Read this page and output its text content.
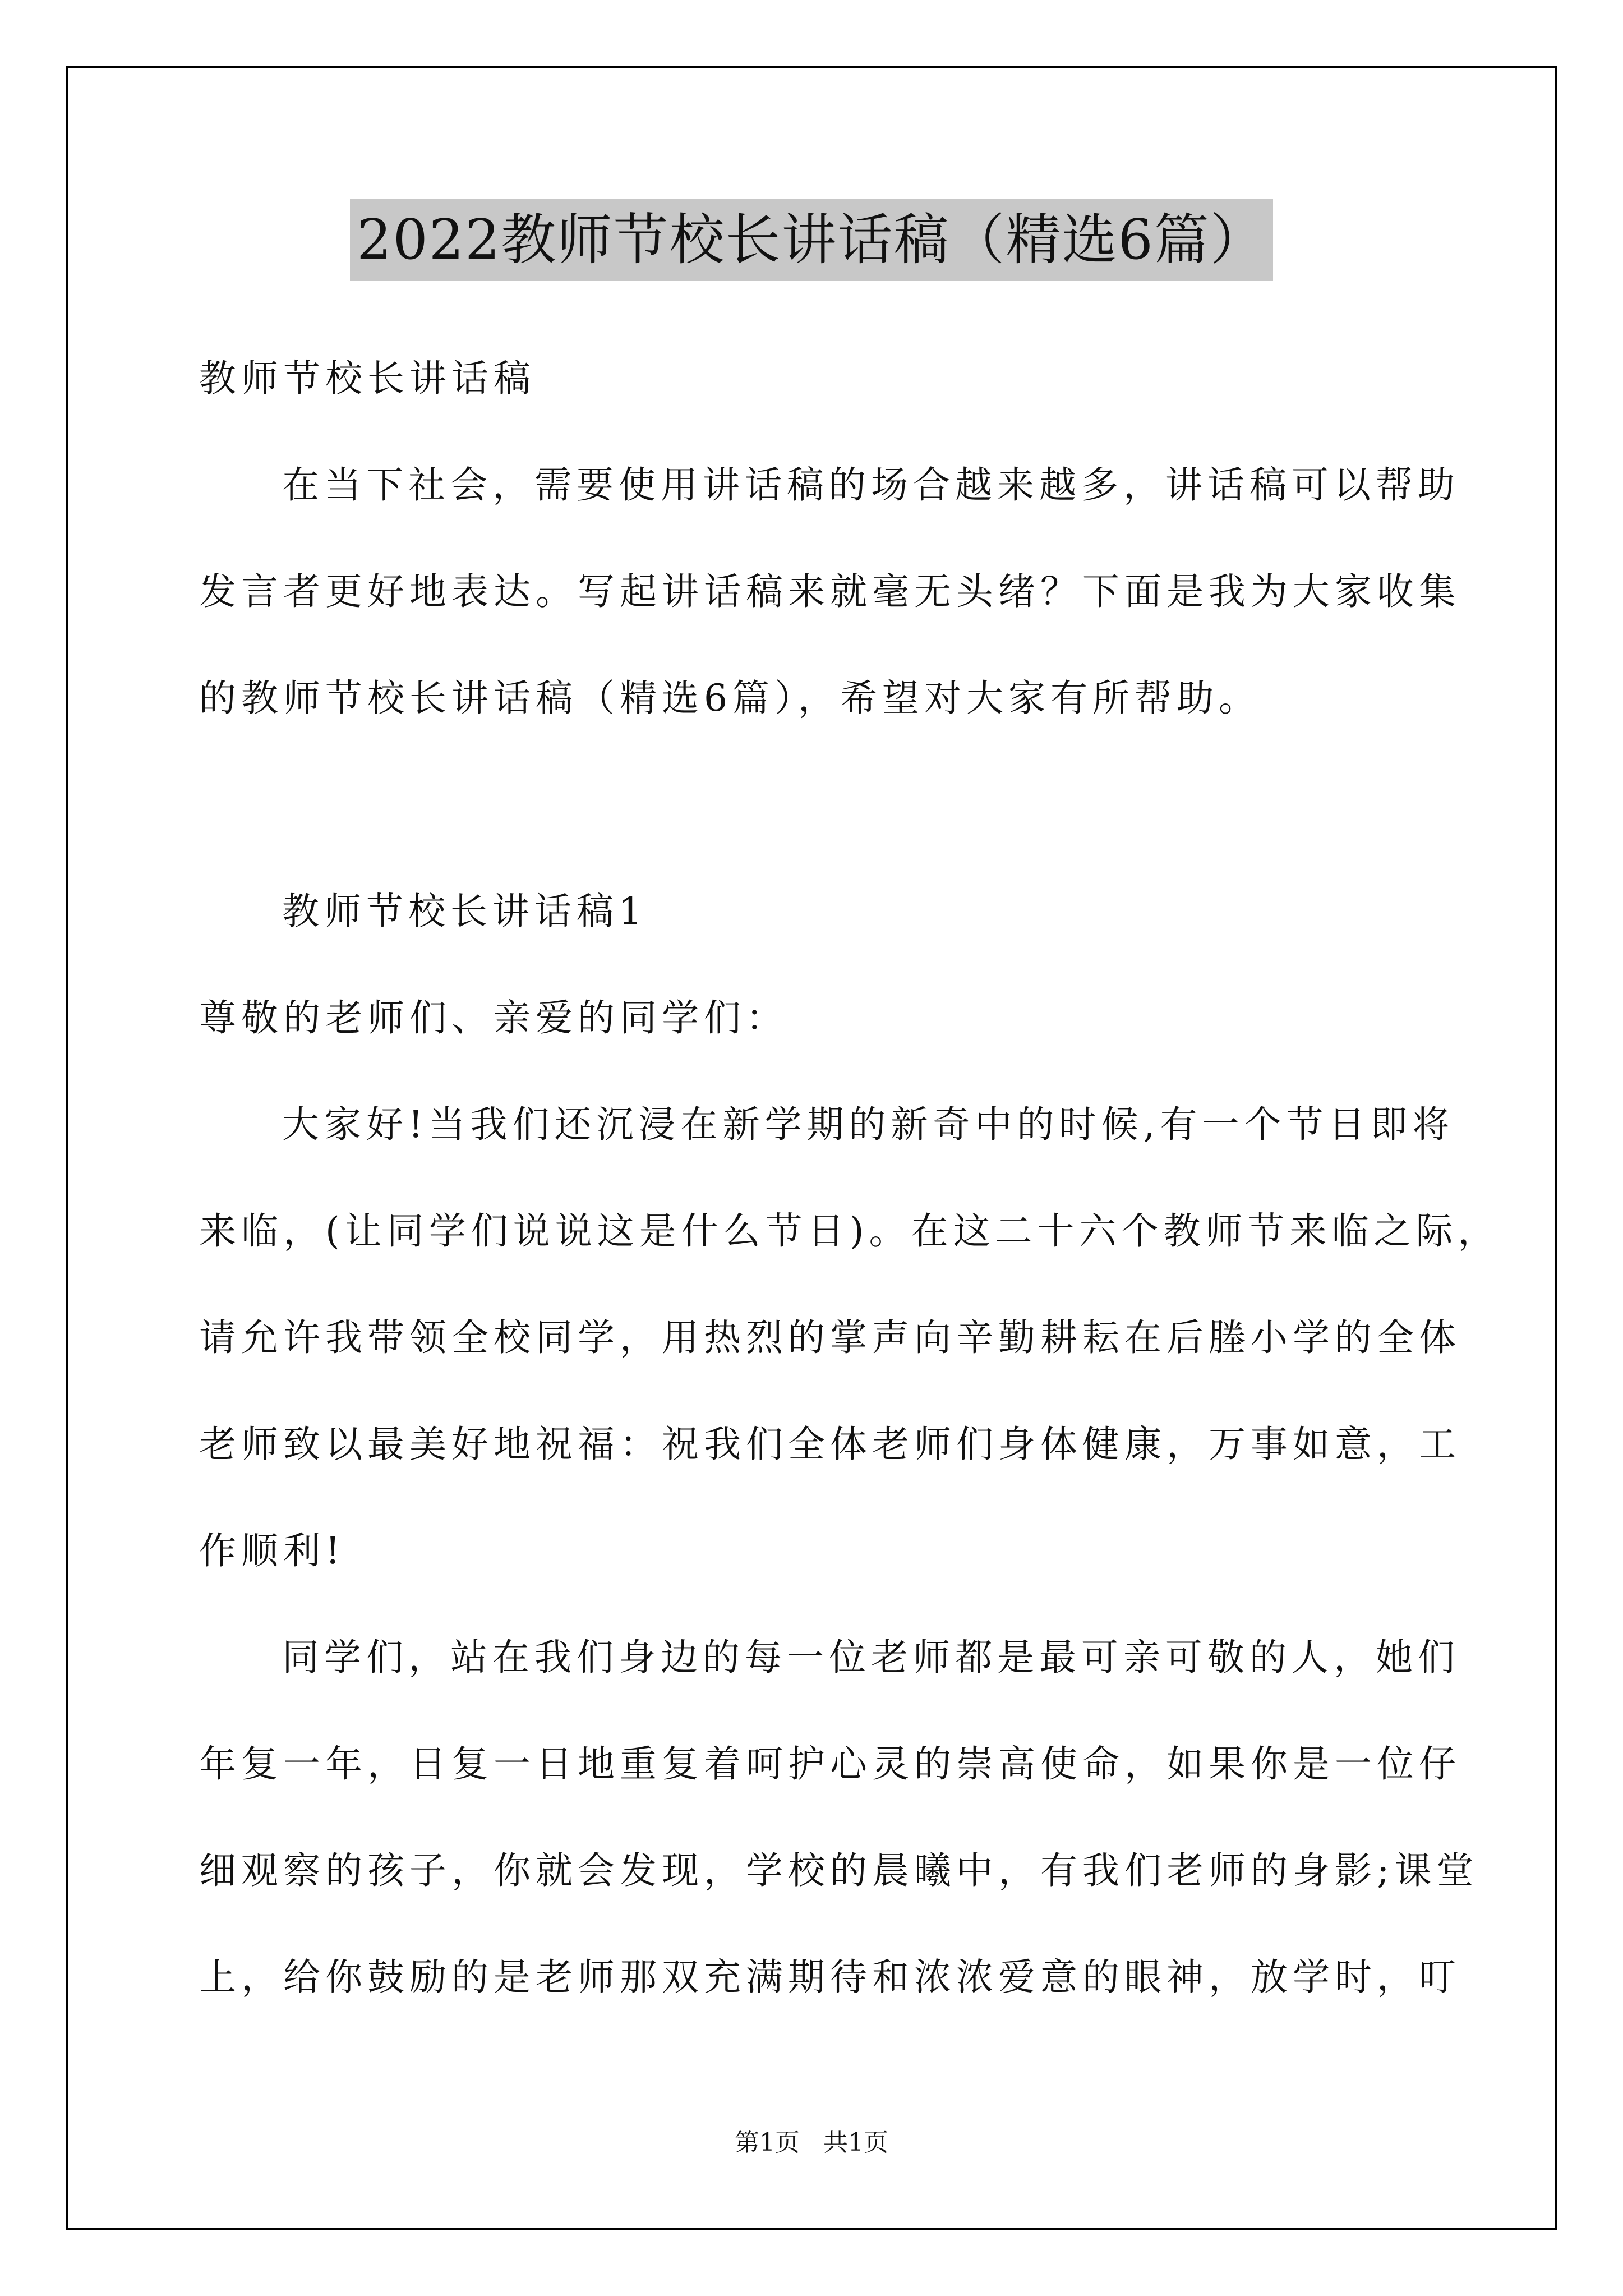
2022教师节校长讲话稿（精选6篇）
教师节校长讲话稿
在当下社会，需要使用讲话稿的场合越来越多，讲话稿可以帮助
发言者更好地表达。写起讲话稿来就毫无头绪？下面是我为大家收集
的教师节校长讲话稿（精选6篇），希望对大家有所帮助。
教师节校长讲话稿1
尊敬的老师们、亲爱的同学们：
大家好!当我们还沉浸在新学期的新奇中的时候,有一个节日即将
来临，(让同学们说说这是什么节日)。在这二十六个教师节来临之际，
请允许我带领全校同学，用热烈的掌声向辛勤耕耘在后塍小学的全体
老师致以最美好地祝福：祝我们全体老师们身体健康，万事如意，工
作顺利!
同学们，站在我们身边的每一位老师都是最可亲可敬的人，她们
年复一年，日复一日地重复着呵护心灵的崇高使命，如果你是一位仔
细观察的孩子，你就会发现，学校的晨曦中，有我们老师的身影;课堂
上，给你鼓励的是老师那双充满期待和浓浓爱意的眼神，放学时，叮
第1页   共1页
